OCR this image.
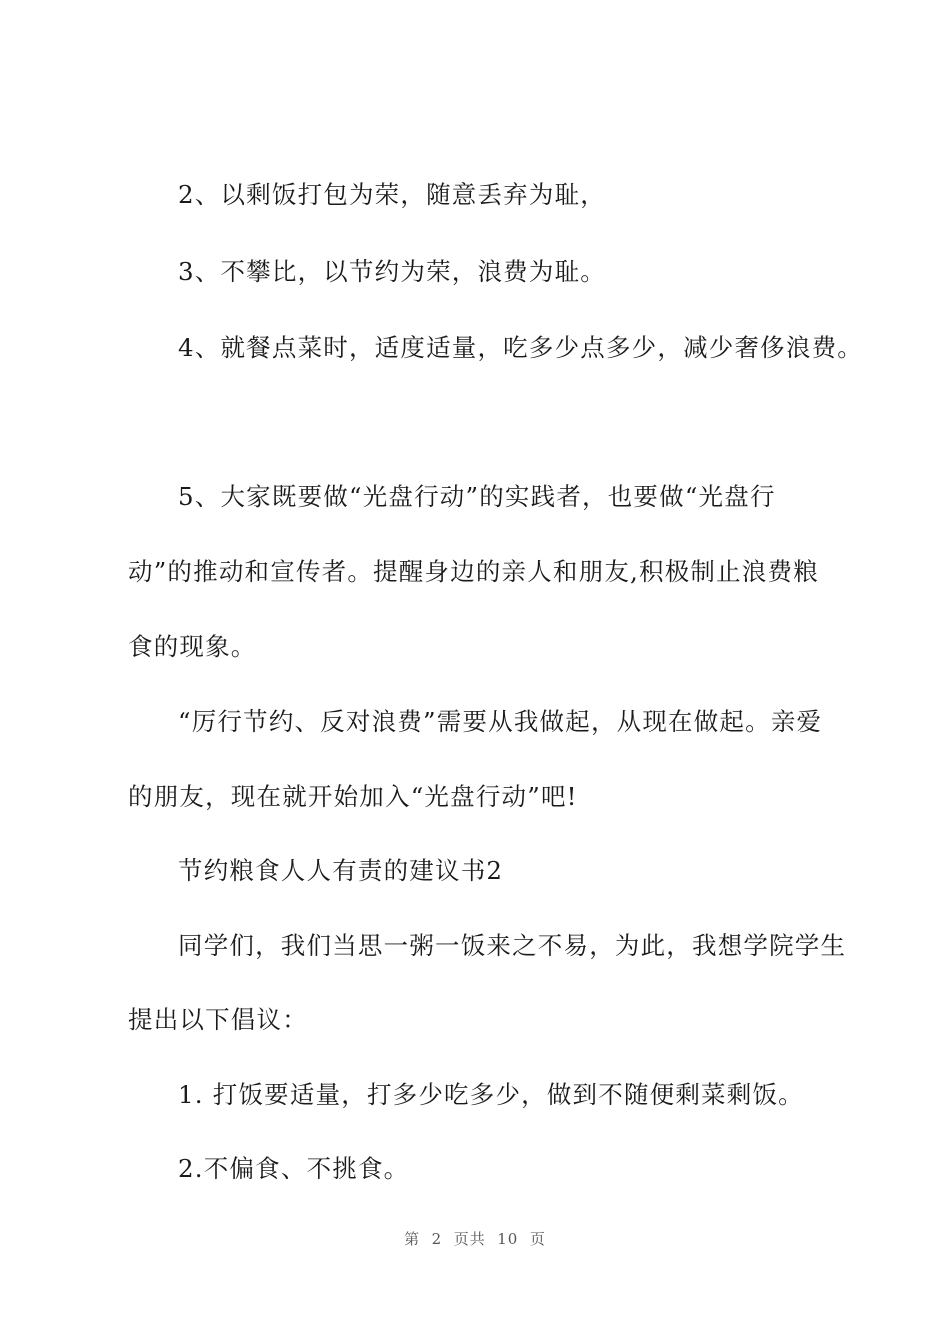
2、以剩饭打包为荣，随意丢弃为耻，
3、不攀比，以节约为荣，浪费为耻。
4、就餐点菜时，适度适量，吃多少点多少，减少奢侈浪费。
5、大家既要做“光盘行动”的实践者，也要做“光盘行
动”的推动和宣传者。提醒身边的亲人和朋友,积极制止浪费粮
食的现象。
“厉行节约、反对浪费”需要从我做起，从现在做起。亲爱
的朋友，现在就开始加入“光盘行动”吧!
节约粮食人人有责的建议书2
同学们，我们当思一粥一饭来之不易，为此，我想学院学生
提出以下倡议：
1. 打饭要适量，打多少吃多少，做到不随便剩菜剩饭。
2.不偏食、不挑食。
第  2  页共  10  页
